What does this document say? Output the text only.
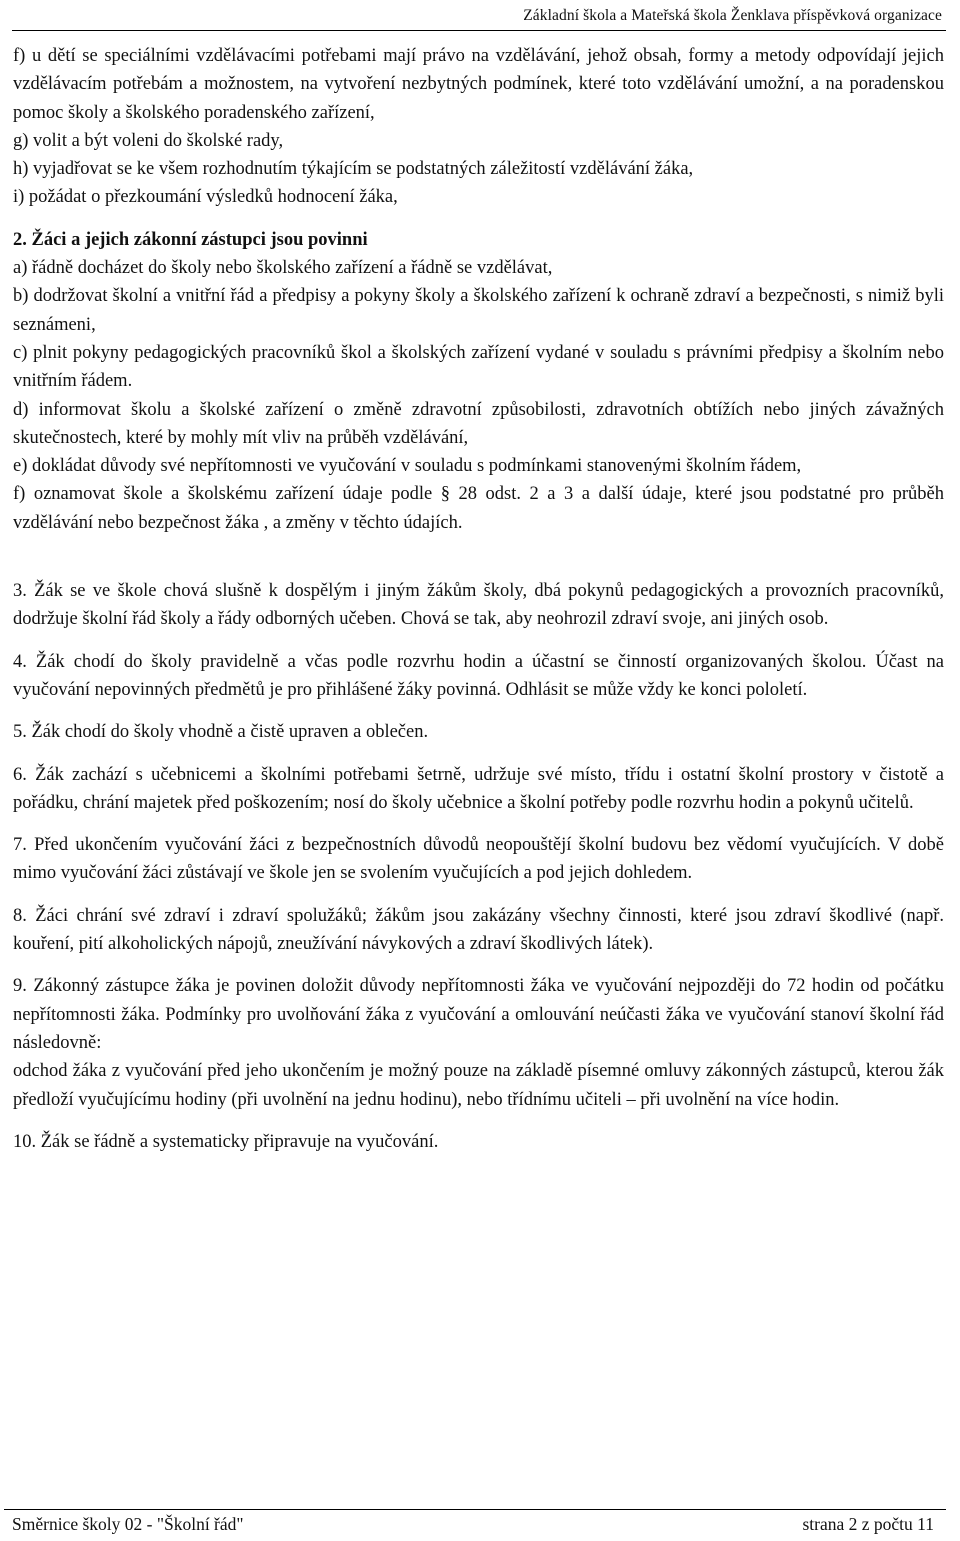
Základní škola a Mateřská škola Ženklava příspěvková organizace

f) u dětí se speciálními vzdělávacími potřebami mají právo na vzdělávání, jehož obsah, formy a metody odpovídají jejich vzdělávacím potřebám a možnostem, na vytvoření nezbytných podmínek, které toto vzdělávání umožní, a na poradenskou pomoc školy a školského poradenského zařízení,

g) volit a být voleni do školské rady,

h) vyjadřovat se ke všem rozhodnutím týkajícím se podstatných záležitostí vzdělávání žáka,

i) požádat o přezkoumání výsledků hodnocení žáka,

2. Žáci a jejich zákonní zástupci jsou povinni

a) řádně docházet do školy nebo školského zařízení a řádně se vzdělávat,

b) dodržovat školní a vnitřní řád a předpisy a pokyny školy a školského zařízení k ochraně zdraví a bezpečnosti, s nimiž byli seznámeni,

c) plnit pokyny pedagogických pracovníků škol a školských zařízení vydané v souladu s právními předpisy a školním nebo vnitřním řádem.

d) informovat školu a školské zařízení o změně zdravotní způsobilosti, zdravotních obtížích nebo jiných závažných skutečnostech, které by mohly mít vliv na průběh vzdělávání,

e) dokládat důvody své nepřítomnosti ve vyučování v souladu s podmínkami stanovenými školním řádem,

f) oznamovat škole a školskému zařízení údaje podle § 28 odst. 2 a 3 a další údaje, které jsou podstatné pro průběh vzdělávání nebo bezpečnost žáka , a změny v těchto údajích.

3. Žák se ve škole chová slušně k dospělým i jiným žákům školy, dbá pokynů pedagogických a provozních pracovníků, dodržuje školní řád školy a řády odborných učeben. Chová se tak, aby neohrozil zdraví svoje, ani jiných osob.

4. Žák chodí do školy pravidelně a včas podle rozvrhu hodin a účastní se činností organizovaných školou. Účast na vyučování nepovinných předmětů je pro přihlášené žáky povinná. Odhlásit se může vždy ke konci pololetí.

5. Žák chodí do školy vhodně a čistě upraven a oblečen.

6. Žák zachází s učebnicemi a školními potřebami šetrně, udržuje své místo, třídu i ostatní školní prostory v čistotě a pořádku, chrání majetek před poškozením; nosí do školy učebnice a školní potřeby podle rozvrhu hodin a pokynů učitelů.

7. Před ukončením vyučování žáci z bezpečnostních důvodů neopouštějí školní budovu bez vědomí vyučujících. V době mimo vyučování žáci zůstávají ve škole jen se svolením vyučujících a pod jejich dohledem.

8. Žáci chrání své zdraví i zdraví spolužáků; žákům jsou zakázány všechny činnosti, které jsou zdraví škodlivé (např. kouření, pití alkoholických nápojů, zneužívání návykových a zdraví škodlivých látek).

9. Zákonný zástupce žáka je povinen doložit důvody nepřítomnosti žáka ve vyučování nejpozději do 72 hodin od počátku nepřítomnosti žáka. Podmínky pro uvolňování žáka z vyučování a omlouvání neúčasti žáka ve vyučování stanoví školní řád následovně:

odchod žáka z vyučování před jeho ukončením je možný pouze na základě písemné omluvy zákonných zástupců, kterou žák předloží vyučujícímu hodiny (při uvolnění na jednu hodinu), nebo třídnímu učiteli – při uvolnění na více hodin.

10. Žák se řádně a systematicky připravuje na vyučování.

Směrnice školy 02 - "Školní řád"	strana 2 z počtu 11
